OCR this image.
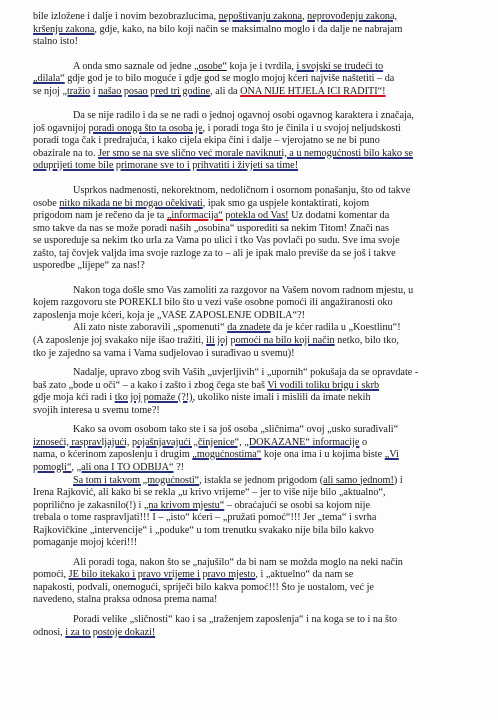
bile izložene i dalje i novim bezobrazlucima, nepoštivanju zakona, neprovođenju zakona,
kršenju zakona, gdje, kako, na bilo koji način se maksimalno moglo i da dalje ne nabrajam
stalno isto!
A onda smo saznale od jedne „osobe“ koja je i tvrdila, i svojski se trudeći to
„dilala“ gdje god je to bilo moguće i gdje god se moglo mojoj kćeri najviše naštetiti – da
se njoj „tražio i našao posao pred tri godine, ali da ONA NIJE HTJELA IĆI RADITI“!
Da se nije radilo i da se ne radi o jednoj ogavnoj osobi ogavnog karaktera i značaja,
još ogavnijoj poradi onoga što ta osoba je, i poradi toga što je činila i u svojoj neljudskosti
poradi toga čak i predrajuća, i kako cijela ekipa čini i dalje – vjerojatno se ne bi puno
obazirale na to. Jer smo se na sve slično već morale naviknuti, a u nemogućnosti bilo kako se
oduprijeti tome bile primorane sve to i prihvatiti i živjeti sa time!
Usprkos nadmenosti, nekorektnom, nedoličnom i osornom ponašanju, što od takve
osobe nitko nikada ne bi mogao očekivati, ipak smo ga uspjele kontaktirati, kojom
prigodom nam je rečeno da je ta „informacija“ potekla od Vas! Uz dodatni komentar da
smo takve da nas se može poradi naših „osobina“ usporediti sa nekim Titom! Znači nas
se usporeduje sa nekim tko urla za Vama po ulici i tko Vas povlači po sudu. Sve ima svoje
zašto, taj čovjek valjda ima svoje razloge za to – ali je ipak malo previše da se još i takve
usporedbe „lijepe“ za nas!?
Nakon toga došle smo Vas zamoliti za razgovor na Vašem novom radnom mjestu, u
kojem razgovoru ste POREKLI bilo što u vezi vaše osobne pomoći ili angažiranosti oko
zaposlenja moje kćeri, koja je „VAŠE ZAPOSLENJE ODBILA“?!
Ali zato niste zaboravili „spomenuti“ da znadete da je kćer radila u „Koestlinu“!
(A zaposlenje joj svakako nije išao tražiti, ili joj pomoći na bilo koji način netko, bilo tko,
tko je zajedno sa vama i Vama sudjelovao i surađivao u svemu)!
Nadalje, upravo zbog svih Vaših „uvjerljivih“ i „upornih“ pokušaja da se opravdate -
baš zato „bode u oči“ – a kako i zašto i zbog čega ste baš Vi vodili toliku brigu i skrb
gdje moja kći radi i tko joj pomaže (?!), ukoliko niste imali i mislili da imate nekih
svojih interesa u svemu tome?!
Kako sa ovom osobom tako ste i sa još osoba „sličnima“ ovoj „usko surađivali“
iznoseći, raspravljajući, pojašnjavajući „činjenice“, „DOKAZANE“ informacije o
nama, o kćerinom zaposlenju i drugim „mogućnostima“ koje ona ima i u kojima biste „Vi
pomogli“, „ali ona I TO ODBIJA“ ?!
Sa tom i takvom „mogućnosti“, istakla se jednom prigodom (ali samo jednom!) i
Irena Rajković, ali kako bi se rekla „u krivo vrijeme“ – jer to više nije bilo „aktualno“,
poprilično je zakasnilo(!) i „na krivom mjestu“ – obraćajući se osobi sa kojom nije
trebala o tome raspravljati!!! I – „isto“ kćeri – „pružati pomoć“!!! Jer „tema“ i svrha
Rajkovičkine „intervencije“ i „poduke“ u tom trenutku svakako nije bila bilo kakvo
pomaganje mojoj kćeri!!!
Ali poradi toga, nakon što se „najušilo“ da bi nam se možda moglo na neki način
pomoći, JE bilo itekako i pravo vrijeme i pravo mjesto, i „aktuelno“ da nam se
napakosti, podvali, onemogući, spriječi bilo kakva pomoć!!! Što je uostalom, već je
navedeno, stalna praksa odnosa prema nama!
Poradi velike „sličnosti“ kao i sa „traženjem zaposlenja“ i na koga se to i na što
odnosi, i za to postoje dokazi!
